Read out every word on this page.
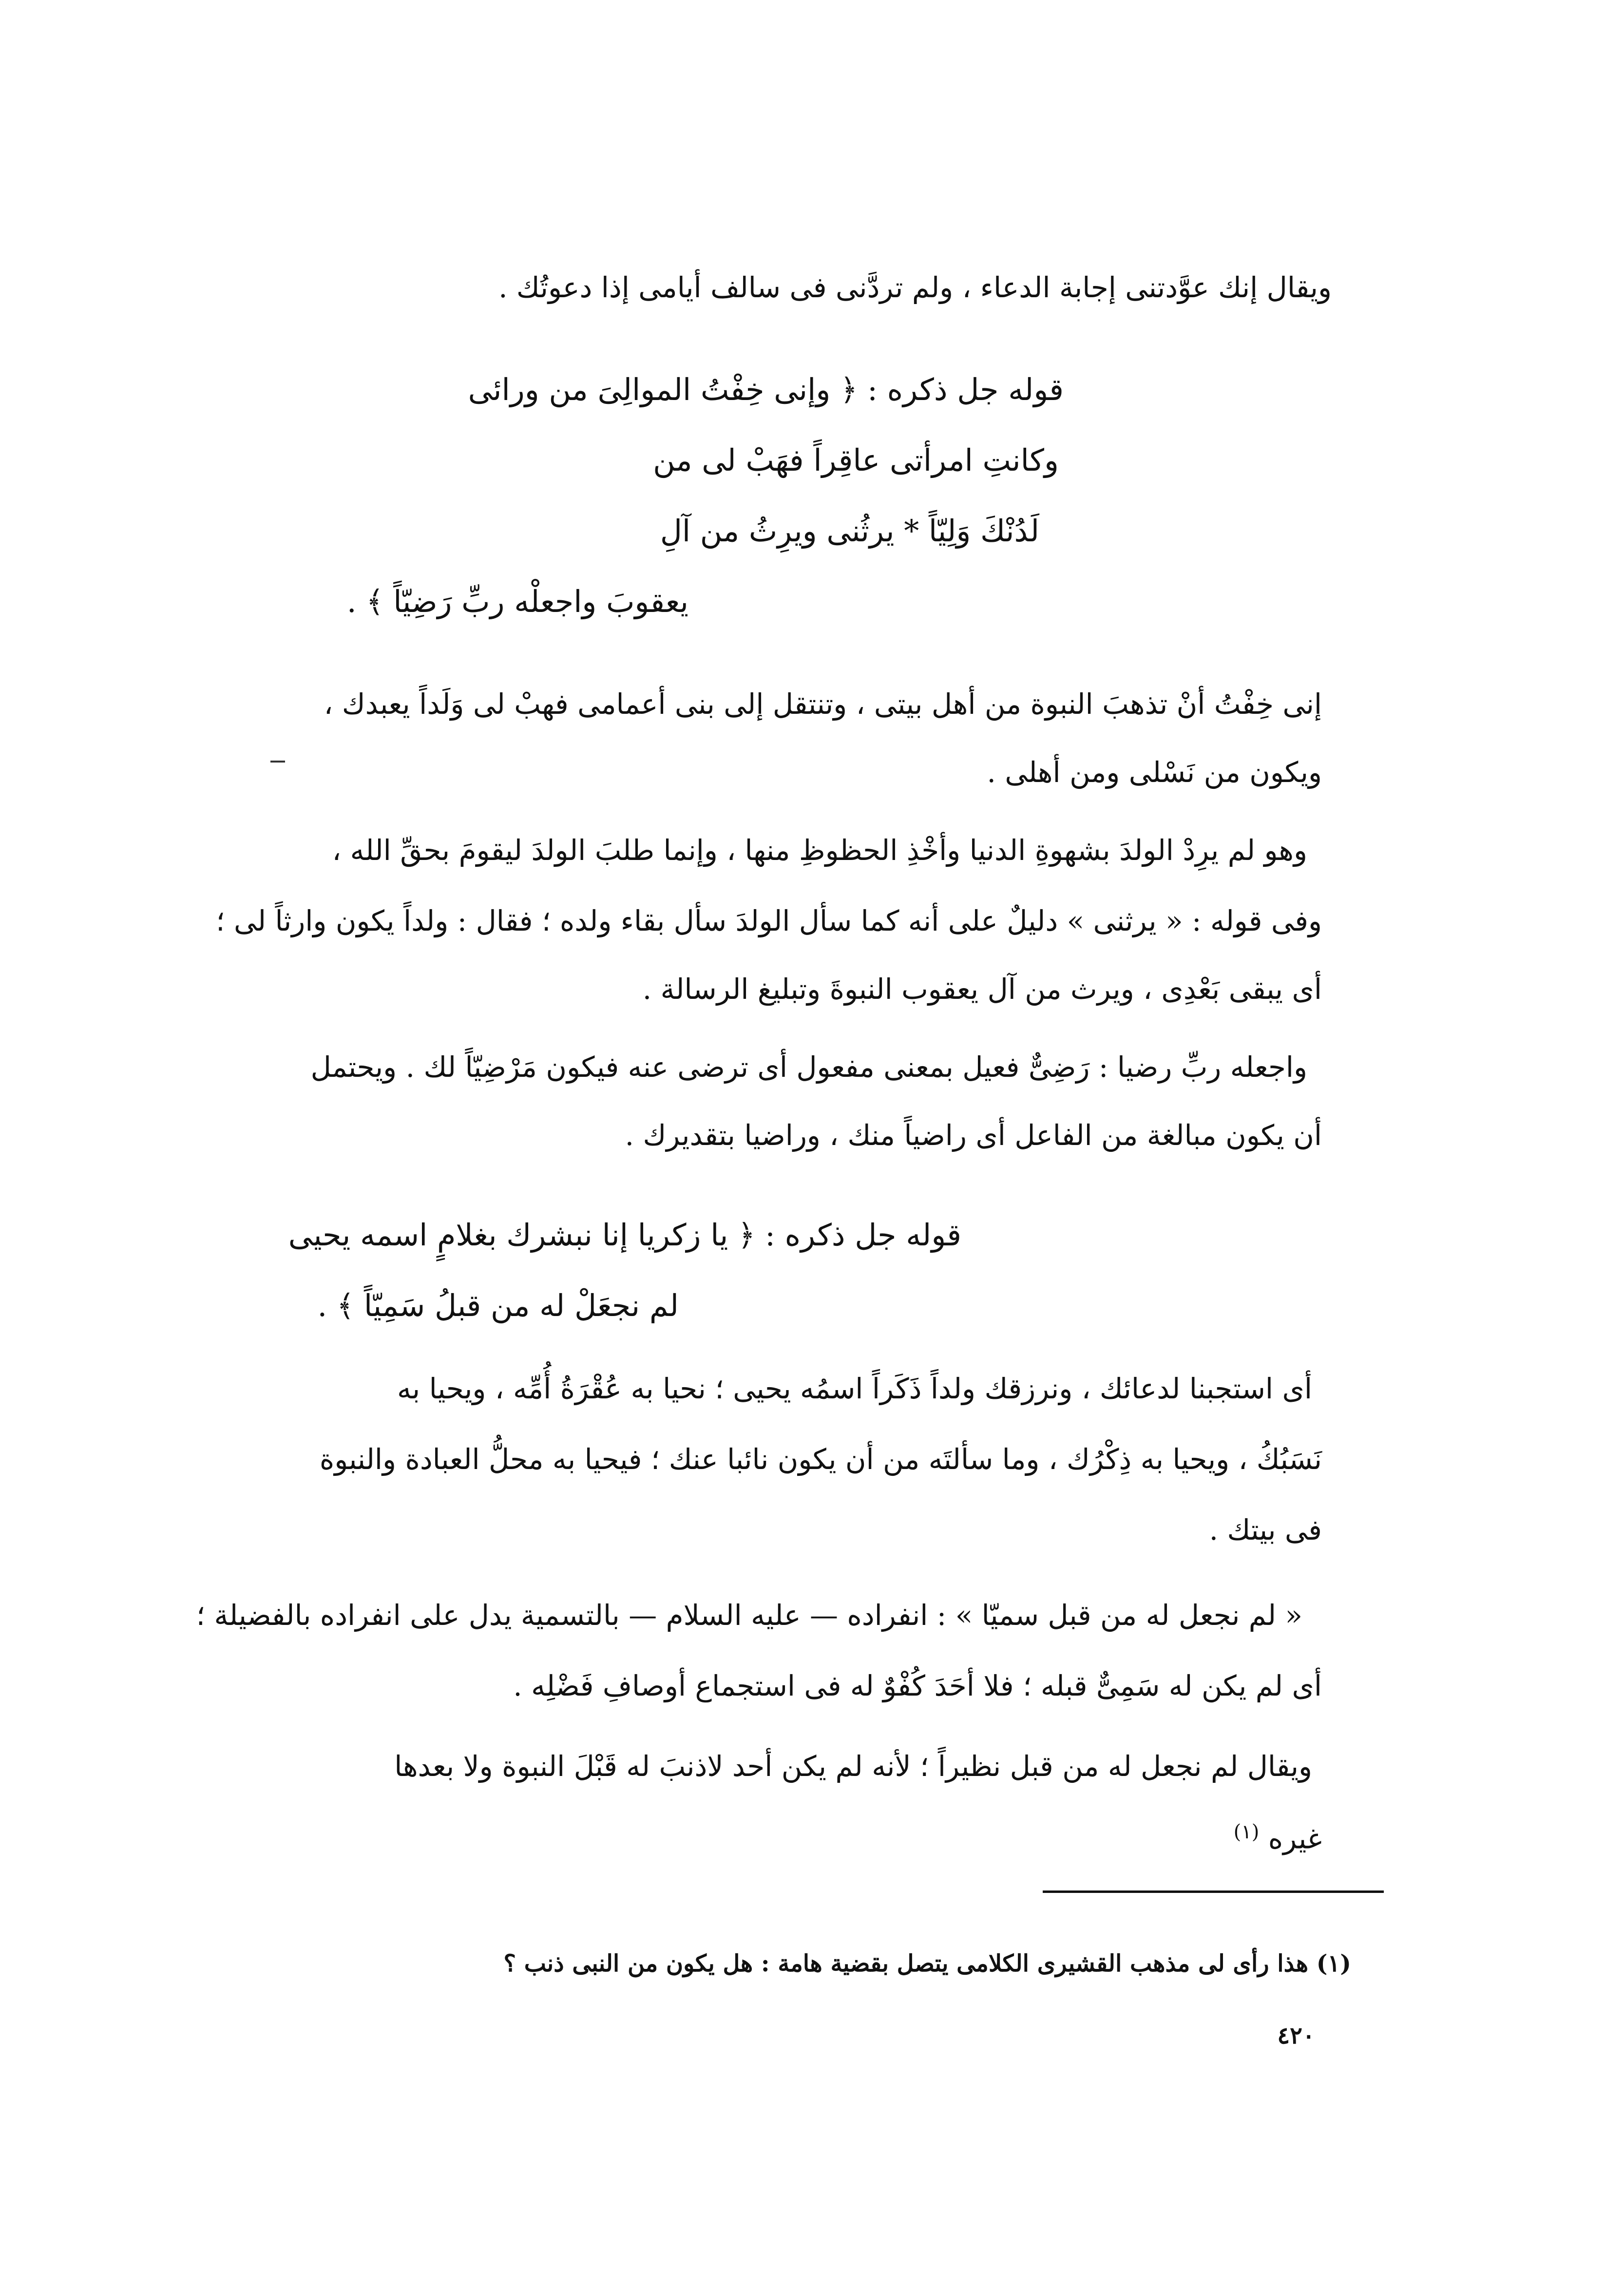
ويقال إنك عوَّدتنى إجابة الدعاء ، ولم تردَّنى فى سالف أيامى إذا دعوتُك .
قوله جل ذكره : ﴿ وإنى خِفْتُ الموالِىَ من ورائى
وكانتِ امرأتى عاقِراً فهَبْ لى من
لَدُنْكَ وَلِيّاً * يرثُنى ويرِثُ من آلِ
يعقوبَ واجعلْه ربِّ رَضِيّاً ﴾ .
إنى خِفْتُ أنْ تذهبَ النبوة من أهل بيتى ، وتنتقل إلى بنى أعمامى فهبْ لى وَلَداً يعبدك ،
ويكون من نَسْلى ومن أهلى .
وهو لم يرِدْ الولدَ بشهوةِ الدنيا وأخْذِ الحظوظِ منها ، وإنما طلبَ الولدَ ليقومَ بحقِّ الله ،
وفى قوله : « يرثنى » دليلٌ على أنه كما سأل الولدَ سأل بقاء ولده ؛ فقال : ولداً يكون وارثاً لى ؛
أى يبقى بَعْدِى ، ويرث من آل يعقوب النبوةَ وتبليغ الرسالة .
واجعله ربِّ رضيا : رَضِىٌّ فعيل بمعنى مفعول أى ترضى عنه فيكون مَرْضِيّاً لك . ويحتمل
أن يكون مبالغة من الفاعل أى راضياً منك ، وراضيا بتقديرك .
قوله جل ذكره : ﴿ يا زكريا إنا نبشرك بغلامٍ اسمه يحيى
لم نجعَلْ له من قبلُ سَمِيّاً ﴾ .
أى استجبنا لدعائك ، ونرزقك ولداً ذَكَراً اسمُه يحيى ؛ نحيا به عُقْرَةُ أُمِّه ، ويحيا به
نَسَبُكُ ، ويحيا به ذِكْرُك ، وما سألتَه من أن يكون نائبا عنك ؛ فيحيا به محلُّ العبادة والنبوة
فى بيتك .
« لم نجعل له من قبل سميّا » : انفراده — عليه السلام — بالتسمية يدل على انفراده بالفضيلة ؛
أى لم يكن له سَمِىٌّ قبله ؛ فلا أحَدَ كُفْوٌ له فى استجماع أوصافِ فَضْلِه .
ويقال لم نجعل له من قبل نظيراً ؛ لأنه لم يكن أحد لاذنبَ له قَبْلَ النبوة ولا بعدها
غيره $^{(١)}$
(١) هذا رأى لى مذهب القشيرى الكلامى يتصل بقضية هامة : هل يكون من النبى ذنب ؟
٤٢٠
